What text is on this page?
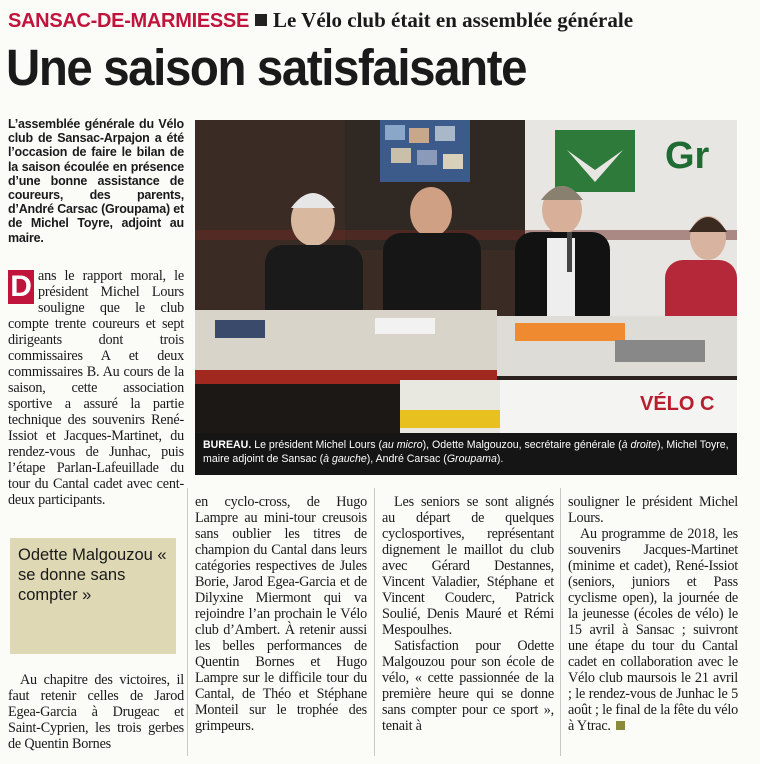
SANSAC-DE-MARMIESSE Le Vélo club était en assemblée générale
Une saison satisfaisante
L’assemblée générale du Vélo club de Sansac-Arpajon a été l’occasion de faire le bilan de la saison écoulée en présence d’une bonne assistance de coureurs, des parents, d’André Carsac (Groupama) et de Michel Toyre, adjoint au maire.

D ans le rapport moral, le président Michel Lours souligne que le club compte trente coureurs et sept dirigeants dont trois commissaires A et deux commissaires B. Au cours de la saison, cette association sportive a assuré la partie technique des souvenirs René-Issiot et Jacques-Martinet, du rendez-vous de Junhac, puis l’étape Parlan-Lafeuillade du tour du Cantal cadet avec cent-deux participants.

Odette Malgouzou « se donne sans compter »

Au chapitre des victoires, il faut retenir celles de Jarod Egea-Garcia à Drugeac et Saint-Cyprien, les trois gerbes de Quentin Bornes

Gr
VÉLO C
BUREAU. Le président Michel Lours (au micro), Odette Malgouzou, secrétaire générale (à droite), Michel Toyre, maire adjoint de Sansac (à gauche), André Carsac (Groupama).

en cyclo-cross, de Hugo Lampre au mini-tour creusois sans oublier les titres de champion du Cantal dans leurs catégories respectives de Jules Borie, Jarod Egea-Garcia et de Dilyxine Miermont qui va rejoindre l’an prochain le Vélo club d’Ambert. À retenir aussi les belles performances de Quentin Bornes et Hugo Lampre sur le difficile tour du Cantal, de Théo et Stéphane Monteil sur le trophée des grimpeurs.

Les seniors se sont alignés au départ de quelques cyclosportives, représentant dignement le maillot du club avec Gérard Destannes, Vincent Valadier, Stéphane et Vincent Couderc, Patrick Soulié, Denis Mauré et Rémi Mespoulhes.

Satisfaction pour Odette Malgouzou pour son école de vélo, « cette passionnée de la première heure qui se donne sans compter pour ce sport », tenait à

souligner le président Michel Lours.

Au programme de 2018, les souvenirs Jacques-Martinet (minime et cadet), René-Issiot (seniors, juniors et Pass cyclisme open), la journée de la jeunesse (écoles de vélo) le 15 avril à Sansac ; suivront une étape du tour du Cantal cadet en collaboration avec le Vélo club maursois le 21 avril ; le rendez-vous de Junhac le 5 août ; le final de la fête du vélo à Ytrac.
